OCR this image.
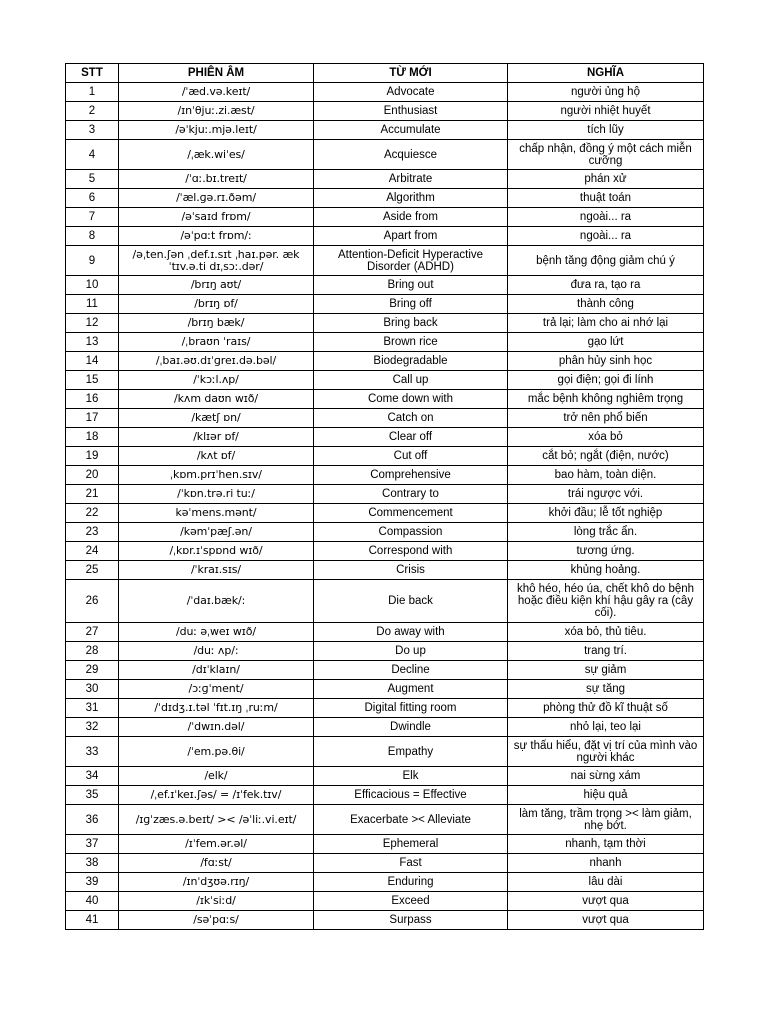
STT	PHIÊN ÂM	TỪ MỚI	NGHĨA
1	/ˈæd.və.keɪt/	Advocate	người ủng hộ
2	/ɪnˈθjuː.zi.æst/	Enthusiast	người nhiệt huyết
3	/əˈkjuː.mjə.leɪt/	Accumulate	tích lũy
4	/ˌæk.wiˈes/	Acquiesce	chấp nhận, đồng ý một cách miễn cưỡng
5	/ˈɑː.bɪ.treɪt/	Arbitrate	phán xử
6	/ˈæl.ɡə.rɪ.ðəm/	Algorithm	thuật toán
7	/əˈsaɪd frɒm/	Aside from	ngoài... ra
8	/əˈpɑːt frɒm/:	Apart from	ngoài... ra
9	/əˌten.ʃən ˌdef.ɪ.sɪt ˌhaɪ.pər. ækˈtɪv.ə.ti dɪˌsɔː.dər/	Attention-Deficit Hyperactive Disorder (ADHD)	bệnh tăng động giảm chú ý
10	/brɪŋ aʊt/	Bring out	đưa ra, tạo ra
11	/brɪŋ ɒf/	Bring off	thành công
12	/brɪŋ bæk/	Bring back	trả lại; làm cho ai nhớ lại
13	/ˌbraʊn ˈraɪs/	Brown rice	gạo lứt
14	/ˌbaɪ.əʊ.dɪˈɡreɪ.də.bəl/	Biodegradable	phân hủy sinh học
15	/ˈkɔːl.ʌp/	Call up	gọi điện; gọi đi lính
16	/kʌm daʊn wɪð/	Come down with	mắc bệnh không nghiêm trọng
17	/kætʃ ɒn/	Catch on	trở nên phổ biến
18	/klɪər ɒf/	Clear off	xóa bỏ
19	/kʌt ɒf/	Cut off	cắt bỏ; ngắt (điện, nước)
20	ˌkɒm.prɪˈhen.sɪv/	Comprehensive	bao hàm, toàn diện.
21	/ˈkɒn.trə.ri tuː/	Contrary to	trái ngược với.
22	kəˈmens.mənt/	Commencement	khởi đầu; lễ tốt nghiệp
23	/kəmˈpæʃ.ən/	Compassion	lòng trắc ẩn.
24	/ˌkɒr.ɪˈspɒnd wɪð/	Correspond with	tương ứng.
25	/ˈkraɪ.sɪs/	Crisis	khủng hoảng.
26	/ˈdaɪ.bæk/:	Die back	khô héo, héo úa, chết khô do bệnh hoặc điều kiện khí hậu gây ra (cây cối).
27	/duː əˌweɪ wɪð/	Do away with	xóa bỏ, thủ tiêu.
28	/duː ʌp/:	Do up	trang trí.
29	/dɪˈklaɪn/	Decline	sự giảm
30	/ɔːɡˈment/	Augment	sự tăng
31	/ˈdɪdʒ.ɪ.təl ˈfɪt.ɪŋ ˌruːm/	Digital fitting room	phòng thử đồ kĩ thuật số
32	/ˈdwɪn.dəl/	Dwindle	nhỏ lại, teo lại
33	/ˈem.pə.θi/	Empathy	sự thấu hiểu, đặt vị trí của mình vào người khác
34	/elk/	Elk	nai sừng xám
35	/ˌef.ɪˈkeɪ.ʃəs/ = /ɪˈfek.tɪv/	Efficacious = Effective	hiệu quả
36	/ɪɡˈzæs.ə.beɪt/ >< /əˈliː.vi.eɪt/	Exacerbate >< Alleviate	làm tăng, trầm trọng >< làm giảm, nhẹ bớt.
37	/ɪˈfem.ər.əl/	Ephemeral	nhanh, tạm thời
38	/fɑːst/	Fast	nhanh
39	/ɪnˈdʒʊə.rɪŋ/	Enduring	lâu dài
40	/ɪkˈsiːd/	Exceed	vượt qua
41	/səˈpɑːs/	Surpass	vượt qua
